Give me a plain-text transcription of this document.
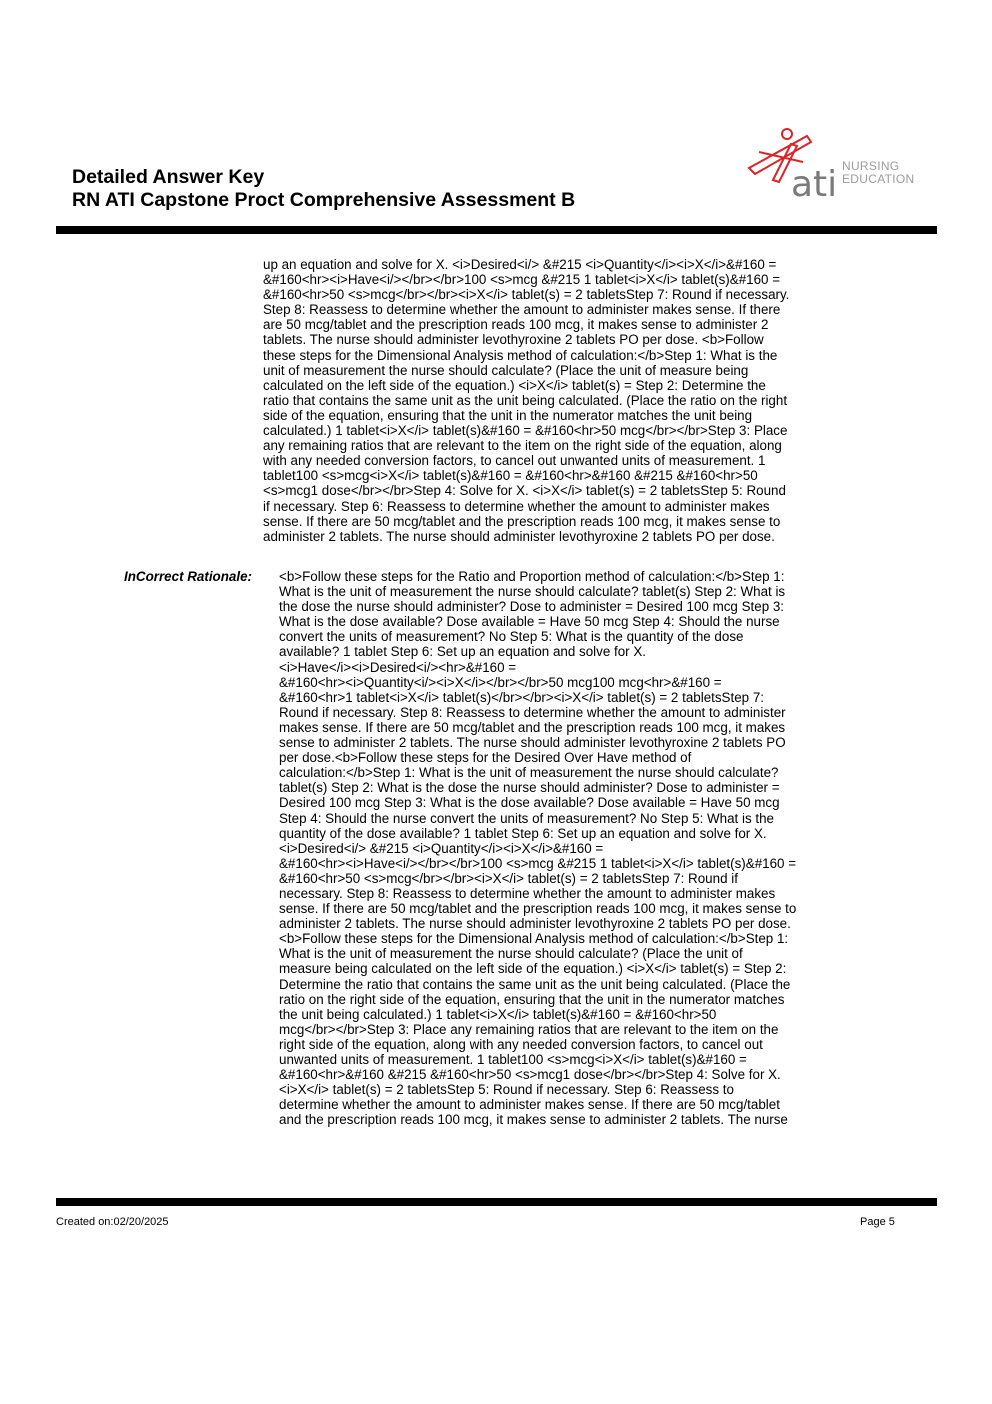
Detailed Answer Key
RN ATI Capstone Proct Comprehensive Assessment B	ati NURSING
EDUCATION

up an equation and solve for X. <i>Desired<i/> &#215 <i>Quantity</i><i>X</i>&#160 =
&#160<hr><i>Have<i/></br></br>100 <s>mcg &#215 1 tablet<i>X</i> tablet(s)&#160 =
&#160<hr>50 <s>mcg</br></br><i>X</i> tablet(s) = 2 tabletsStep 7: Round if necessary.
Step 8: Reassess to determine whether the amount to administer makes sense. If there
are 50 mcg/tablet and the prescription reads 100 mcg, it makes sense to administer 2
tablets. The nurse should administer levothyroxine 2 tablets PO per dose. <b>Follow
these steps for the Dimensional Analysis method of calculation:</b>Step 1: What is the
unit of measurement the nurse should calculate? (Place the unit of measure being
calculated on the left side of the equation.) <i>X</i> tablet(s) = Step 2: Determine the
ratio that contains the same unit as the unit being calculated. (Place the ratio on the right
side of the equation, ensuring that the unit in the numerator matches the unit being
calculated.) 1 tablet<i>X</i> tablet(s)&#160 = &#160<hr>50 mcg</br></br>Step 3: Place
any remaining ratios that are relevant to the item on the right side of the equation, along
with any needed conversion factors, to cancel out unwanted units of measurement. 1
tablet100 <s>mcg<i>X</i> tablet(s)&#160 = &#160<hr>&#160 &#215 &#160<hr>50
<s>mcg1 dose</br></br>Step 4: Solve for X. <i>X</i> tablet(s) = 2 tabletsStep 5: Round
if necessary. Step 6: Reassess to determine whether the amount to administer makes
sense. If there are 50 mcg/tablet and the prescription reads 100 mcg, it makes sense to
administer 2 tablets. The nurse should administer levothyroxine 2 tablets PO per dose.

InCorrect Rationale:	<b>Follow these steps for the Ratio and Proportion method of calculation:</b>Step 1:
What is the unit of measurement the nurse should calculate? tablet(s) Step 2: What is
the dose the nurse should administer? Dose to administer = Desired 100 mcg Step 3:
What is the dose available? Dose available = Have 50 mcg Step 4: Should the nurse
convert the units of measurement? No Step 5: What is the quantity of the dose
available? 1 tablet Step 6: Set up an equation and solve for X.
<i>Have</i><i>Desired<i/><hr>&#160 =
&#160<hr><i>Quantity<i/><i>X</i></br></br>50 mcg100 mcg<hr>&#160 =
&#160<hr>1 tablet<i>X</i> tablet(s)</br></br><i>X</i> tablet(s) = 2 tabletsStep 7:
Round if necessary. Step 8: Reassess to determine whether the amount to administer
makes sense. If there are 50 mcg/tablet and the prescription reads 100 mcg, it makes
sense to administer 2 tablets. The nurse should administer levothyroxine 2 tablets PO
per dose.<b>Follow these steps for the Desired Over Have method of
calculation:</b>Step 1: What is the unit of measurement the nurse should calculate?
tablet(s) Step 2: What is the dose the nurse should administer? Dose to administer =
Desired 100 mcg Step 3: What is the dose available? Dose available = Have 50 mcg
Step 4: Should the nurse convert the units of measurement? No Step 5: What is the
quantity of the dose available? 1 tablet Step 6: Set up an equation and solve for X.
<i>Desired<i/> &#215 <i>Quantity</i><i>X</i>&#160 =
&#160<hr><i>Have<i/></br></br>100 <s>mcg &#215 1 tablet<i>X</i> tablet(s)&#160 =
&#160<hr>50 <s>mcg</br></br><i>X</i> tablet(s) = 2 tabletsStep 7: Round if
necessary. Step 8: Reassess to determine whether the amount to administer makes
sense. If there are 50 mcg/tablet and the prescription reads 100 mcg, it makes sense to
administer 2 tablets. The nurse should administer levothyroxine 2 tablets PO per dose.
<b>Follow these steps for the Dimensional Analysis method of calculation:</b>Step 1:
What is the unit of measurement the nurse should calculate? (Place the unit of
measure being calculated on the left side of the equation.) <i>X</i> tablet(s) = Step 2:
Determine the ratio that contains the same unit as the unit being calculated. (Place the
ratio on the right side of the equation, ensuring that the unit in the numerator matches
the unit being calculated.) 1 tablet<i>X</i> tablet(s)&#160 = &#160<hr>50
mcg</br></br>Step 3: Place any remaining ratios that are relevant to the item on the
right side of the equation, along with any needed conversion factors, to cancel out
unwanted units of measurement. 1 tablet100 <s>mcg<i>X</i> tablet(s)&#160 =
&#160<hr>&#160 &#215 &#160<hr>50 <s>mcg1 dose</br></br>Step 4: Solve for X.
<i>X</i> tablet(s) = 2 tabletsStep 5: Round if necessary. Step 6: Reassess to
determine whether the amount to administer makes sense. If there are 50 mcg/tablet
and the prescription reads 100 mcg, it makes sense to administer 2 tablets. The nurse

Created on:02/20/2025	Page 5
